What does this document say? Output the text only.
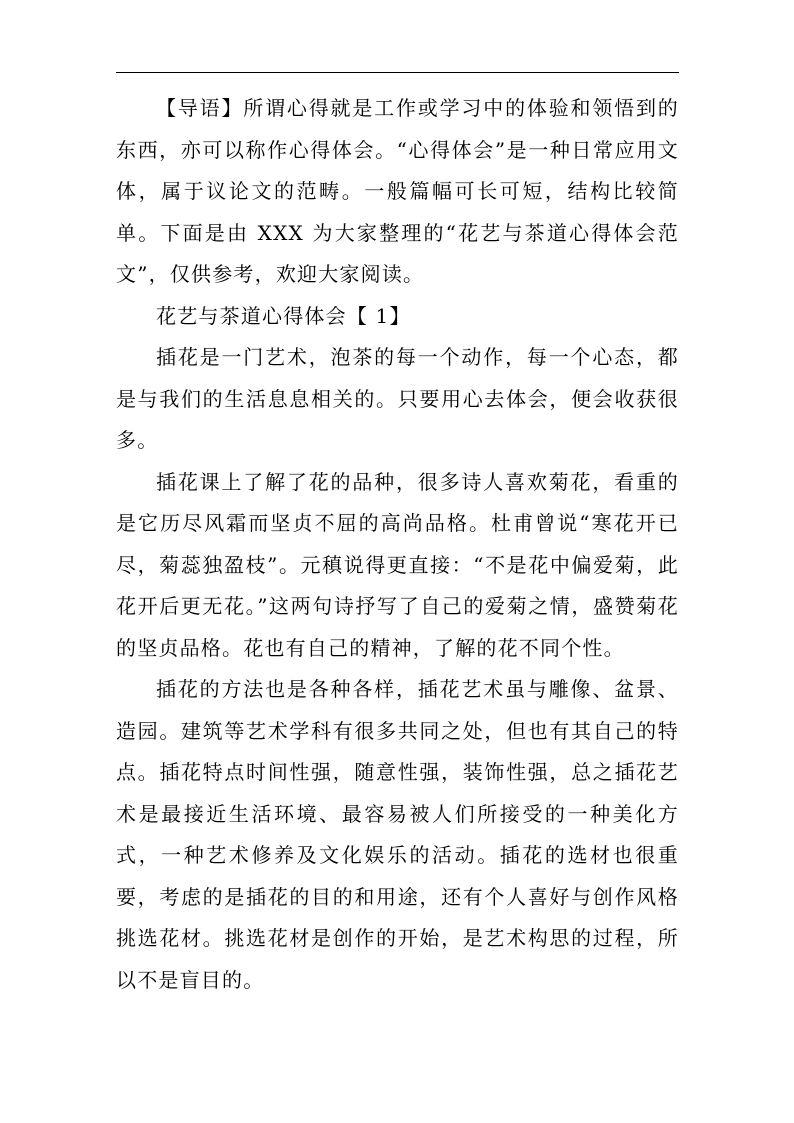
【导语】所谓心得就是工作或学习中的体验和领悟到的东西，亦可以称作心得体会。“心得体会”是一种日常应用文体，属于议论文的范畴。一般篇幅可长可短，结构比较简单。下面是由 XXX 为大家整理的“花艺与茶道心得体会范文”，仅供参考，欢迎大家阅读。

花艺与茶道心得体会【 1】

插花是一门艺术，泡茶的每一个动作，每一个心态，都是与我们的生活息息相关的。只要用心去体会，便会收获很多。

插花课上了解了花的品种，很多诗人喜欢菊花，看重的是它历尽风霜而坚贞不屈的高尚品格。杜甫曾说“寒花开已尽，菊蕊独盈枝”。元稹说得更直接：“不是花中偏爱菊，此花开后更无花。”这两句诗抒写了自己的爱菊之情，盛赞菊花的坚贞品格。花也有自己的精神，了解的花不同个性。

插花的方法也是各种各样，插花艺术虽与雕像、盆景、造园。建筑等艺术学科有很多共同之处，但也有其自己的特点。插花特点时间性强，随意性强，装饰性强，总之插花艺术是最接近生活环境、最容易被人们所接受的一种美化方式，一种艺术修养及文化娱乐的活动。插花的选材也很重要，考虑的是插花的目的和用途，还有个人喜好与创作风格挑选花材。挑选花材是创作的开始，是艺术构思的过程，所以不是盲目的。
